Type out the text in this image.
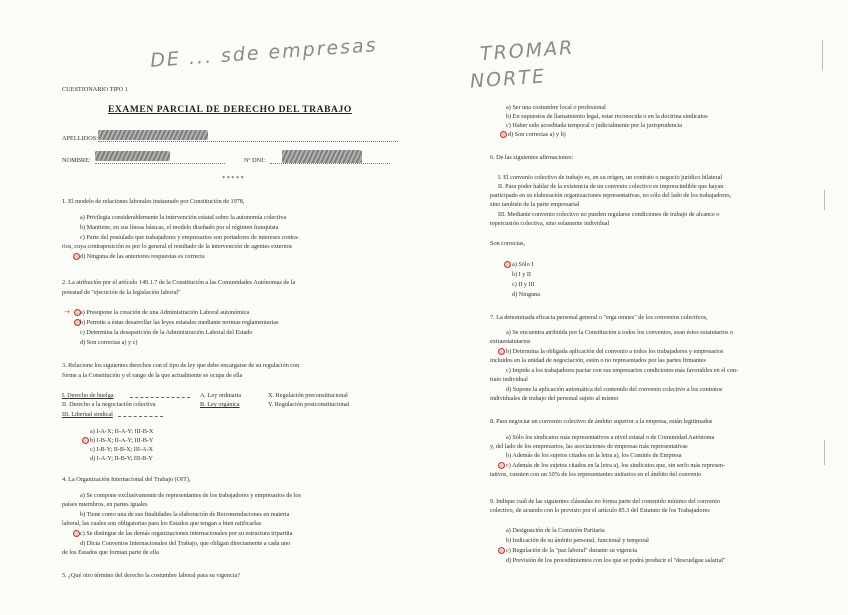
DE ... sde empresas
CUESTIONARIO TIPO 1
EXAMEN PARCIAL DE DERECHO DEL TRABAJO
APELLIDOS:
NOMBRE:	Nº DNI:
* * * * *
1. El modelo de relaciones laborales instaurado por Constitución de 1978,
a) Privilegia considerablemente la intervención estatal sobre la autonomía colectiva
b) Mantiene, en sus líneas básicas, el modelo diseñado por el régimen franquista
c) Parte del postulado que trabajadores y empresarios son portadores de intereses contra-
rios, cuya contraposición es por lo general el resultado de la intervención de agentes externos
d) Ninguna de las anteriores respuestas es correcta
2. La atribución por el artículo 149.1.7 de la Constitución a las Comunidades Autónomas de la
potestad de "ejecución de la legislación laboral"
➝ a) Presupone la creación de una Administración Laboral autonómica
b) Permite a éstas desarrollar las leyes estatales mediante normas reglamentarias
c) Determina la desaparición de la Administración Laboral del Estado
d) Son correctas a) y c)
3. Relacione los siguientes derechos con el tipo de ley que debe encargarse de su regulación con
forme a la Constitución y el rango de la que actualmente se ocupa de ella
I. Derecho de huelga
II. Derecho a la negociación colectiva
III. Libertad sindical
A. Ley ordinaria
B. Ley orgánica
X. Regulación preconstitucional
Y. Regulación postconstitucional
a) I-A-X; II-A-Y; III-B-X
b) I-B-X; II-A-Y; III-B-Y
c) I-B-Y; II-B-X; III-A-X
d) I-A-Y; II-B-Y; III-B-Y
4. La Organización Internacional del Trabajo (OIT),
a) Se compone exclusivamente de representantes de los trabajadores y empresarios de los
países miembros, en partes iguales
b) Tiene como una de sus finalidades la elaboración de Recomendaciones en materia
laboral, las cuales son obligatorias para los Estados que tengan a bien ratificarlas
c) Se distingue de las demás organizaciones internacionales por su estructura tripartita
d) Dicta Convenios Internacionales del Trabajo, que obligan directamente a cada uno
de los Estados que forman parte de ella
5. ¿Qué otro término del derecho la costumbre laboral para su vigencia?
TROMAR
NORTE
a) Ser una costumbre local o profesional
b) En supuestos de llamamiento legal, estar reconocida o en la doctrina sindicatos
c) Haber sido acreditada temporal o judicialmente por la jurisprudencia
d) Son correctas a) y b)
6. De las siguientes afirmaciones:
I. El convenio colectivo de trabajo es, en su origen, un contrato o negocio jurídico bilateral
II. Para poder hablar de la existencia de un convenio colectivo es imprescindible que hayan
participado en su elaboración organizaciones representativas, no sólo del lado de los trabajadores,
sino también de la parte empresarial
III. Mediante convenio colectivo no pueden regularse condiciones de trabajo de alcance o
repercusión colectiva, sino solamente individual
Son correctas,
a) Sólo I
b) I y II
c) II y III
d) Ninguna
7. La denominada eficacia personal general o "erga omnes" de los convenios colectivos,
a) Se encuentra atribuida por la Constitución a todos los convenios, sean éstos estatutarios o
extraestatutarios
b) Determina la obligada aplicación del convenio a todos los trabajadores y empresarios
incluidos en la unidad de negociación, estén o no representados por las partes firmantes
c) Impide a los trabajadores pactar con sus empresarios condiciones más favorables en el con-
trato individual
d) Supone la aplicación automática del contenido del convenio colectivo a los contratos
individuales de trabajo del personal sujeto al mismo
8. Para negociar un convenio colectivo de ámbito superior a la empresa, están legitimados
a) Sólo los sindicatos más representativos a nivel estatal o de Comunidad Autónoma
y, del lado de los empresarios, las asociaciones de empresas más representativas
b) Además de los sujetos citados en la letra a), los Comités de Empresa
c) Además de los sujetos citados en la letra a), los sindicatos que, sin serlo más represen-
tativos, cuenten con un 10% de los representantes unitarios en el ámbito del convenio
9. Indique cuál de las siguientes cláusulas no forma parte del contenido mínimo del convenio
colectivo, de acuerdo con lo previsto por el artículo 85.3 del Estatuto de los Trabajadores
a) Designación de la Comisión Paritaria
b) Indicación de su ámbito personal, funcional y temporal
c) Regulación de la "paz laboral" durante su vigencia
d) Previsión de los procedimientos con los que se podrá producir el "descuelgue salarial"
